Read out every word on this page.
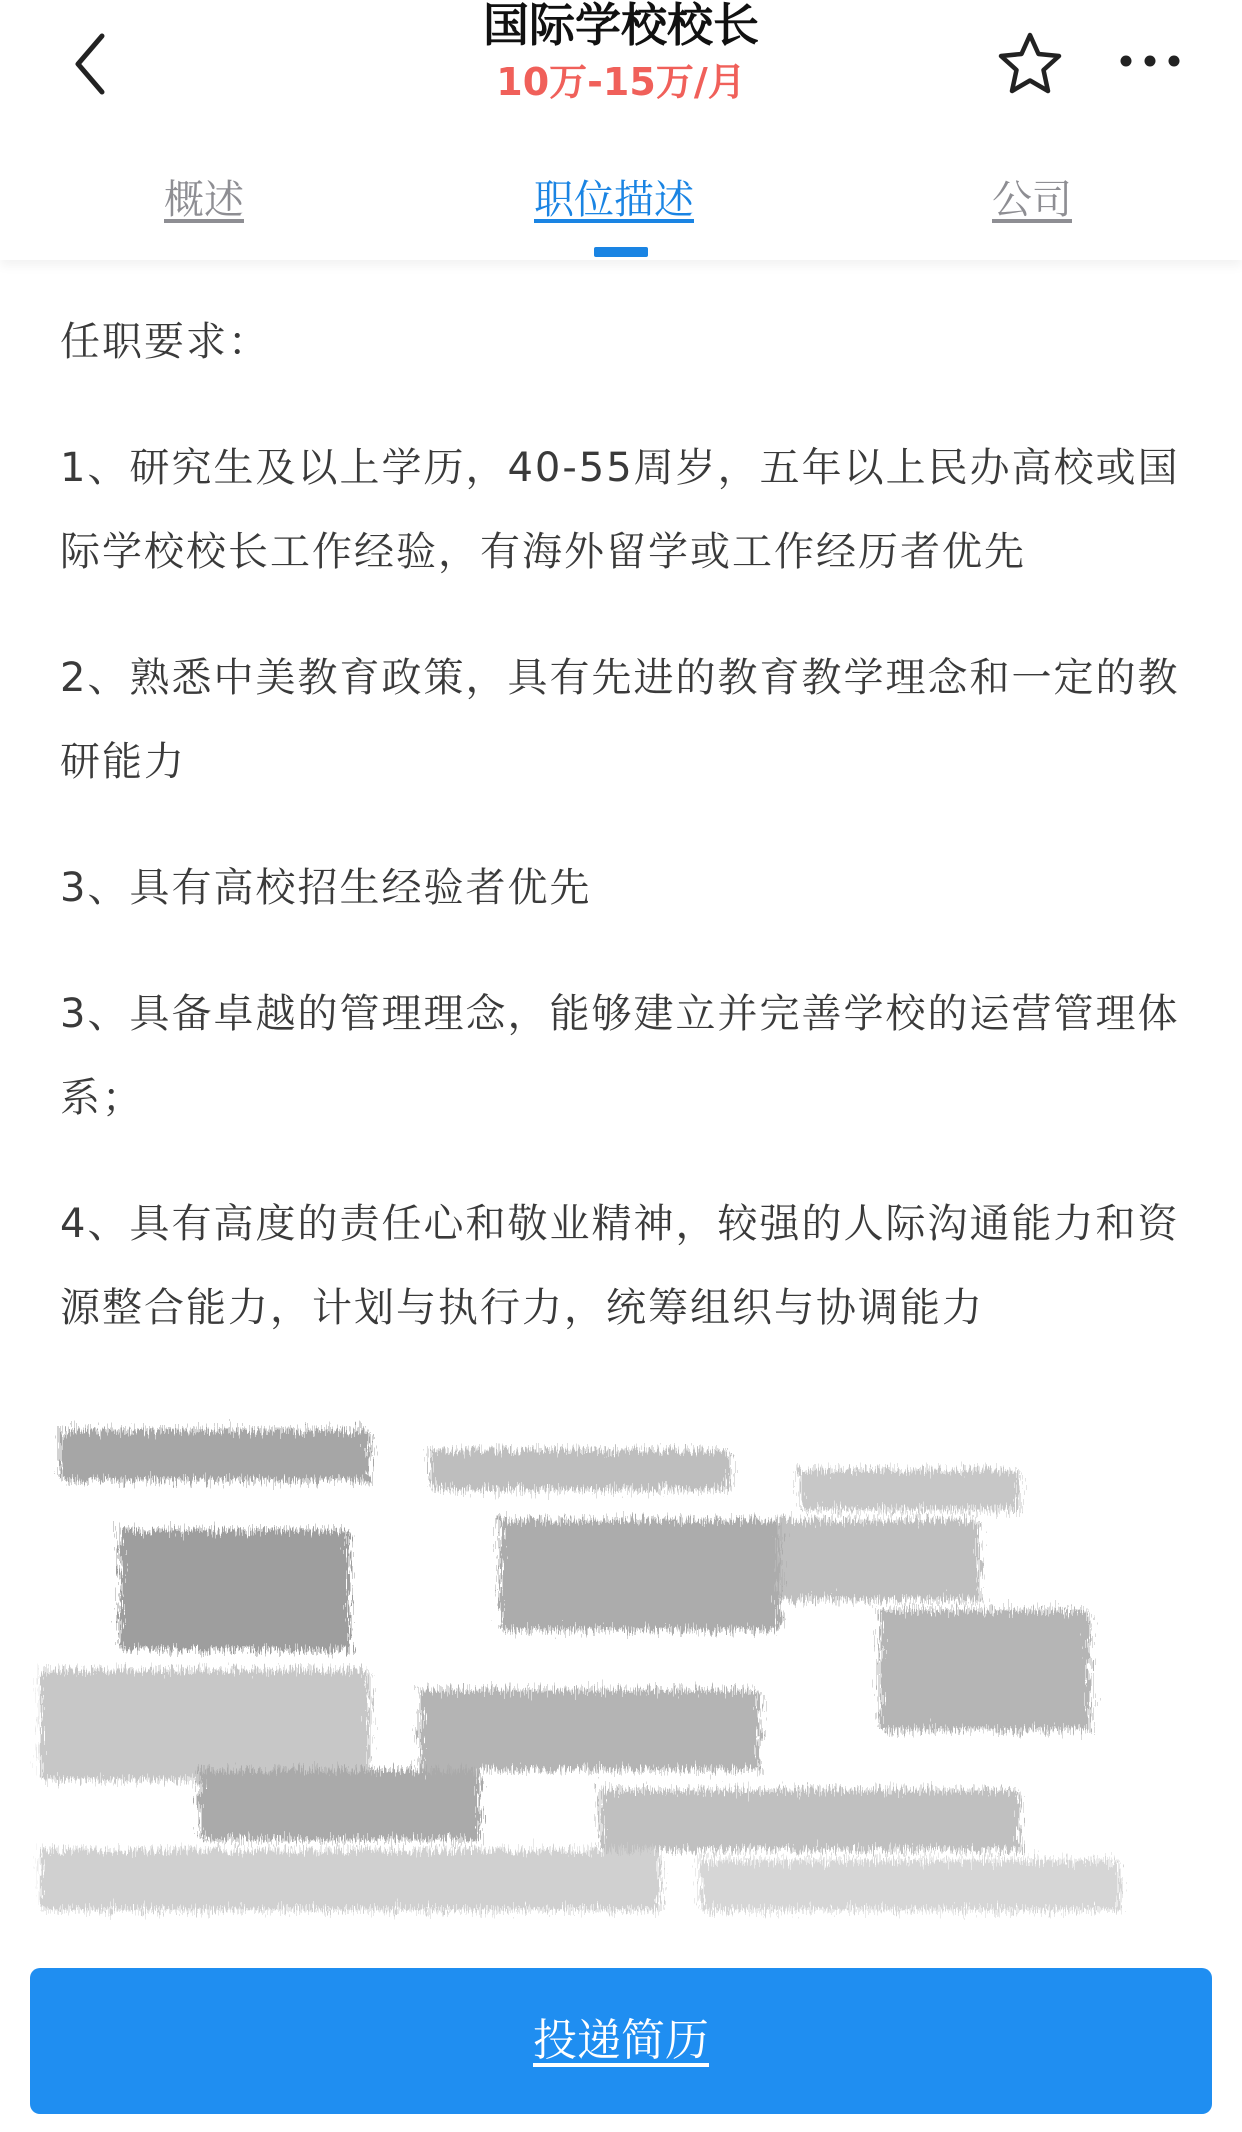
国际学校校长
10万-15万/月
概述	职位描述	公司

任职要求：

1、研究生及以上学历，40-55周岁，五年以上民办高校或国际学校校长工作经验，有海外留学或工作经历者优先

2、熟悉中美教育政策，具有先进的教育教学理念和一定的教研能力

3、具有高校招生经验者优先

3、具备卓越的管理理念，能够建立并完善学校的运营管理体系；

4、具有高度的责任心和敬业精神，较强的人际沟通能力和资源整合能力，计划与执行力，统筹组织与协调能力

投递简历
